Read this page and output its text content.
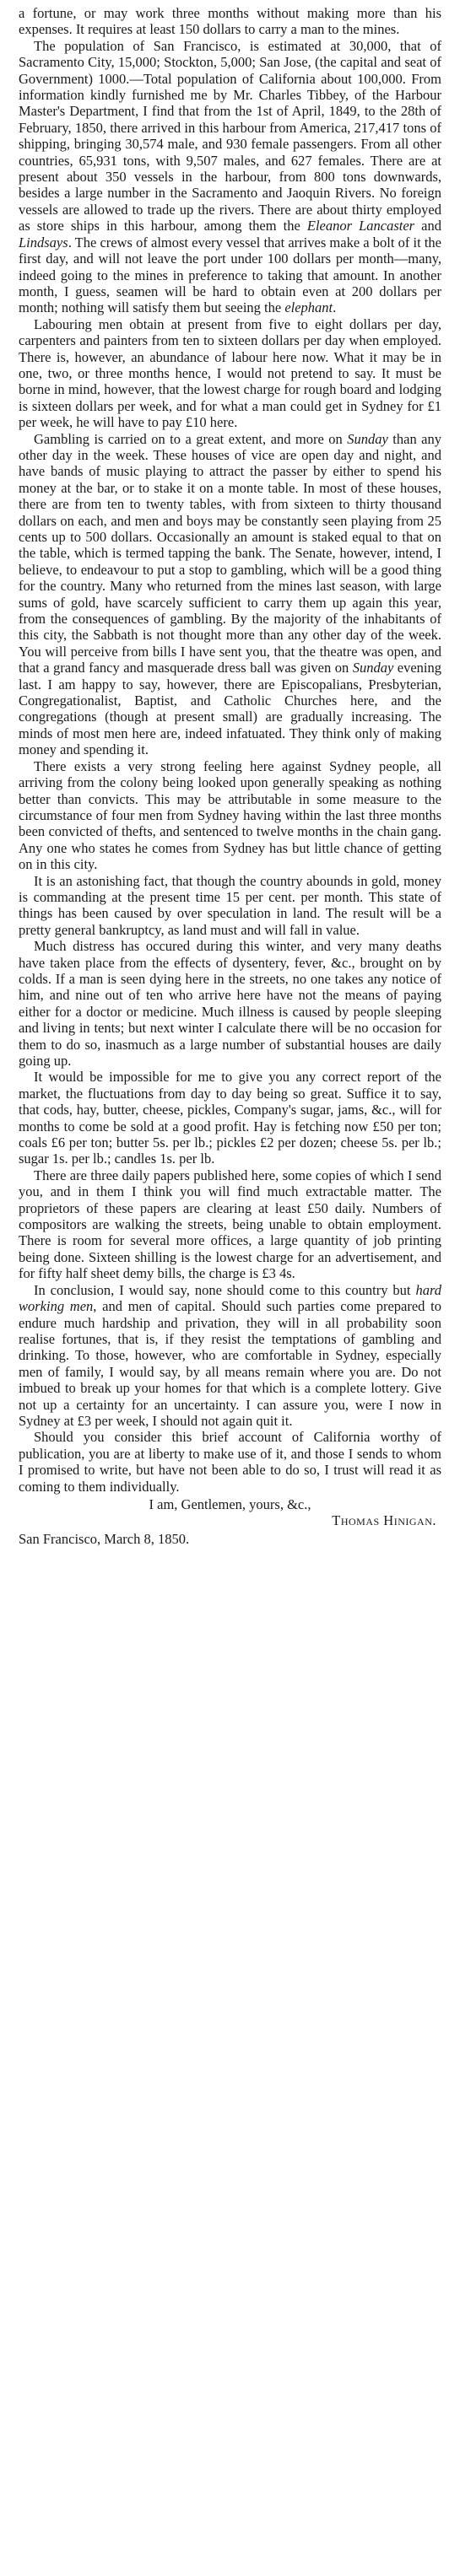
a fortune, or may work three months without making more than his expenses. It requires at least 150 dollars to carry a man to the mines.

The population of San Francisco, is estimated at 30,000, that of Sacramento City, 15,000; Stockton, 5,000; San Jose, (the capital and seat of Government) 1000.—Total population of California about 100,000. From information kindly furnished me by Mr. Charles Tibbey, of the Harbour Master's Department, I find that from the 1st of April, 1849, to the 28th of February, 1850, there arrived in this harbour from America, 217,417 tons of shipping, bringing 30,574 male, and 930 female passengers. From all other countries, 65,931 tons, with 9,507 males, and 627 females. There are at present about 350 vessels in the harbour, from 800 tons downwards, besides a large number in the Sacramento and Jaoquin Rivers. No foreign vessels are allowed to trade up the rivers. There are about thirty employed as store ships in this harbour, among them the Eleanor Lancaster and Lindsays. The crews of almost every vessel that arrives make a bolt of it the first day, and will not leave the port under 100 dollars per month—many, indeed going to the mines in preference to taking that amount. In another month, I guess, seamen will be hard to obtain even at 200 dollars per month; nothing will satisfy them but seeing the elephant.

Labouring men obtain at present from five to eight dollars per day, carpenters and painters from ten to sixteen dollars per day when employed. There is, however, an abundance of labour here now. What it may be in one, two, or three months hence, I would not pretend to say. It must be borne in mind, however, that the lowest charge for rough board and lodging is sixteen dollars per week, and for what a man could get in Sydney for £1 per week, he will have to pay £10 here.

Gambling is carried on to a great extent, and more on Sunday than any other day in the week. These houses of vice are open day and night, and have bands of music playing to attract the passer by either to spend his money at the bar, or to stake it on a monte table. In most of these houses, there are from ten to twenty tables, with from sixteen to thirty thousand dollars on each, and men and boys may be constantly seen playing from 25 cents up to 500 dollars. Occasionally an amount is staked equal to that on the table, which is termed tapping the bank. The Senate, however, intend, I believe, to endeavour to put a stop to gambling, which will be a good thing for the country. Many who returned from the mines last season, with large sums of gold, have scarcely sufficient to carry them up again this year, from the consequences of gambling. By the majority of the inhabitants of this city, the Sabbath is not thought more than any other day of the week. You will perceive from bills I have sent you, that the theatre was open, and that a grand fancy and masquerade dress ball was given on Sunday evening last. I am happy to say, however, there are Episcopalians, Presbyterian, Congregationalist, Baptist, and Catholic Churches here, and the congregations (though at present small) are gradually increasing. The minds of most men here are, indeed infatuated. They think only of making money and spending it.

There exists a very strong feeling here against Sydney people, all arriving from the colony being looked upon generally speaking as nothing better than convicts. This may be attributable in some measure to the circumstance of four men from Sydney having within the last three months been convicted of thefts, and sentenced to twelve months in the chain gang. Any one who states he comes from Sydney has but little chance of getting on in this city.

It is an astonishing fact, that though the country abounds in gold, money is commanding at the present time 15 per cent. per month. This state of things has been caused by over speculation in land. The result will be a pretty general bankruptcy, as land must and will fall in value.

Much distress has occured during this winter, and very many deaths have taken place from the effects of dysentery, fever, &c., brought on by colds. If a man is seen dying here in the streets, no one takes any notice of him, and nine out of ten who arrive here have not the means of paying either for a doctor or medicine. Much illness is caused by people sleeping and living in tents; but next winter I calculate there will be no occasion for them to do so, inasmuch as a large number of substantial houses are daily going up.

It would be impossible for me to give you any correct report of the market, the fluctuations from day to day being so great. Suffice it to say, that cods, hay, butter, cheese, pickles, Company's sugar, jams, &c., will for months to come be sold at a good profit. Hay is fetching now £50 per ton; coals £6 per ton; butter 5s. per lb.; pickles £2 per dozen; cheese 5s. per lb.; sugar 1s. per lb.; candles 1s. per lb.

There are three daily papers published here, some copies of which I send you, and in them I think you will find much extractable matter. The proprietors of these papers are clearing at least £50 daily. Numbers of compositors are walking the streets, being unable to obtain employment. There is room for several more offices, a large quantity of job printing being done. Sixteen shilling is the lowest charge for an advertisement, and for fifty half sheet demy bills, the charge is £3 4s.

In conclusion, I would say, none should come to this country but hard working men, and men of capital. Should such parties come prepared to endure much hardship and privation, they will in all probability soon realise fortunes, that is, if they resist the temptations of gambling and drinking. To those, however, who are comfortable in Sydney, especially men of family, I would say, by all means remain where you are. Do not imbued to break up your homes for that which is a complete lottery. Give not up a certainty for an uncertainty. I can assure you, were I now in Sydney at £3 per week, I should not again quit it.

Should you consider this brief account of California worthy of publication, you are at liberty to make use of it, and those I sends to whom I promised to write, but have not been able to do so, I trust will read it as coming to them individually.

I am, Gentlemen, yours, &c.,
Thomas Hinigan.
San Francisco, March 8, 1850.
